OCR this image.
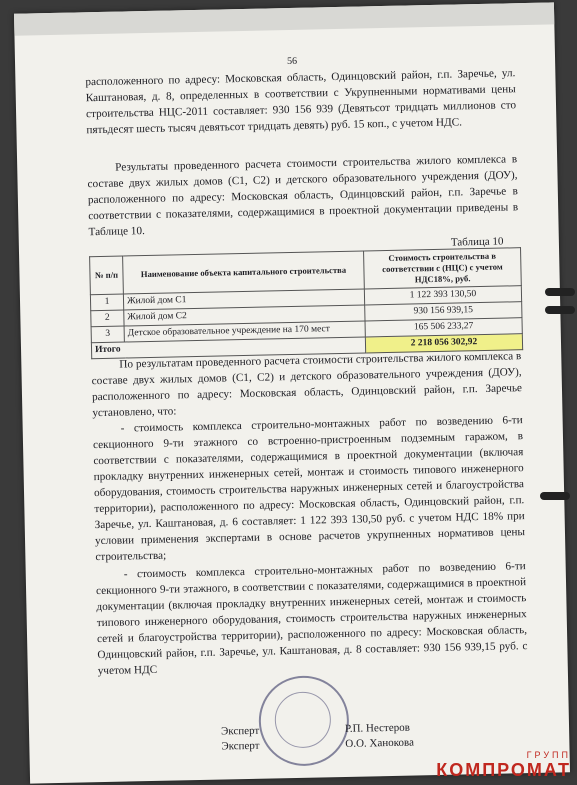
56

расположенного по адресу: Московская область, Одинцовский район, г.п. Заречье, ул. Каштановая, д. 8, определенных в соответствии с Укрупненными нормативами цены строительства НЦС-2011 составляет: 930 156 939 (Девятьсот тридцать миллионов сто пятьдесят шесть тысяч девятьсот тридцать девять) руб. 15 коп., с учетом НДС.

Результаты проведенного расчета стоимости строительства жилого комплекса в составе двух жилых домов (С1, С2) и детского образовательного учреждения (ДОУ), расположенного по адресу: Московская область, Одинцовский район, г.п. Заречье в соответствии с показателями, содержащимися в проектной документации приведены в Таблице 10.

Таблица 10
№ п/п	Наименование объекта капитального строительства	Стоимость строительства в соответствии с (НЦС) с учетом НДС18%, руб.
1	Жилой дом С1	1 122 393 130,50
2	Жилой дом С2	930 156 939,15
3	Детское образовательное учреждение на 170 мест	165 506 233,27
Итого		2 218 056 302,92

По результатам проведенного расчета стоимости строительства жилого комплекса в составе двух жилых домов (С1, С2) и детского образовательного учреждения (ДОУ), расположенного по адресу: Московская область, Одинцовский район, г.п. Заречье установлено, что:

- стоимость комплекса строительно-монтажных работ по возведению 6-ти секционного 9-ти этажного со встроенно-пристроенным подземным гаражом, в соответствии с показателями, содержащимися в проектной документации (включая прокладку внутренних инженерных сетей, монтаж и стоимость типового инженерного оборудования, стоимость строительства наружных инженерных сетей и благоустройства территории), расположенного по адресу: Московская область, Одинцовский район, г.п. Заречье, ул. Каштановая, д. 6 составляет: 1 122 393 130,50 руб. с учетом НДС 18% при условии применения экспертами в основе расчетов укрупненных нормативов цены строительства;

- стоимость комплекса строительно-монтажных работ по возведению 6-ти секционного 9-ти этажного, в соответствии с показателями, содержащимися в проектной документации (включая прокладку внутренних инженерных сетей, монтаж и стоимость типового инженерного оборудования, стоимость строительства наружных инженерных сетей и благоустройства территории), расположенного по адресу: Московская область, Одинцовский район, г.п. Заречье, ул. Каштановая, д. 8 составляет: 930 156 939,15 руб. с учетом НДС

Эксперт	Р.П. Нестеров
Эксперт	О.О. Ханокова
ГРУПП
КОМПРОМАТ
